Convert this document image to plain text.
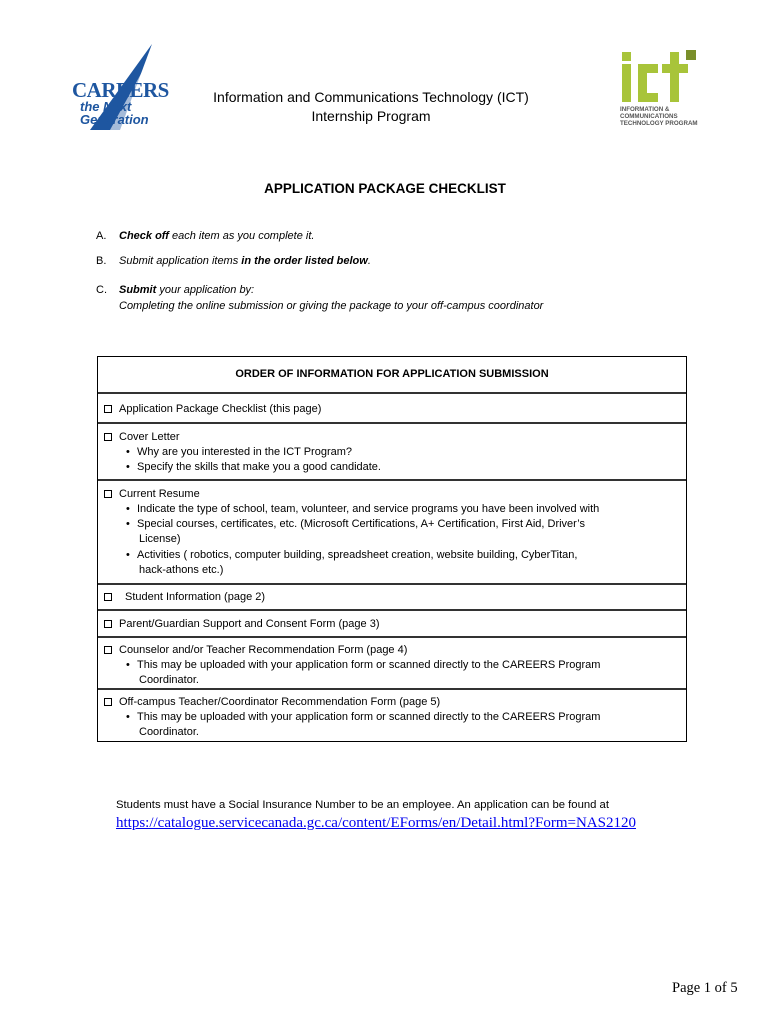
CAREERS
the Next
Generation
INFORMATION &
COMMUNICATIONS
TECHNOLOGY PROGRAM
Information and Communications Technology (ICT)
Internship Program
APPLICATION PACKAGE CHECKLIST
A. Check off each item as you complete it.
B. Submit application items in the order listed below.
C. Submit your application by:
Completing the online submission or giving the package to your off-campus coordinator
ORDER OF INFORMATION FOR APPLICATION SUBMISSION
Application Package Checklist (this page)
Cover Letter
• Why are you interested in the ICT Program?
• Specify the skills that make you a good candidate.
Current Resume
• Indicate the type of school, team, volunteer, and service programs you have been involved with
• Special courses, certificates, etc. (Microsoft Certifications, A+ Certification, First Aid, Driver’s
License)
• Activities ( robotics, computer building, spreadsheet creation, website building, CyberTitan,
hack-athons etc.)
Student Information (page 2)
Parent/Guardian Support and Consent Form (page 3)
Counselor and/or Teacher Recommendation Form (page 4)
• This may be uploaded with your application form or scanned directly to the CAREERS Program
Coordinator.
Off-campus Teacher/Coordinator Recommendation Form (page 5)
• This may be uploaded with your application form or scanned directly to the CAREERS Program
Coordinator.
Students must have a Social Insurance Number to be an employee. An application can be found at
https://catalogue.servicecanada.gc.ca/content/EForms/en/Detail.html?Form=NAS2120
Page 1 of 5
